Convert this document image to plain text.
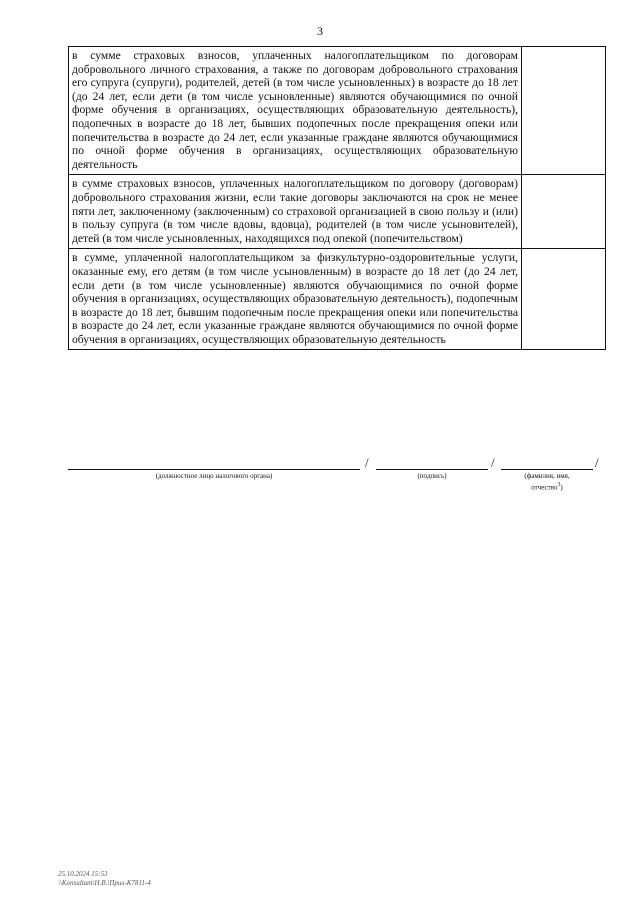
3
в сумме страховых взносов, уплаченных налогоплательщиком по договорам добровольного личного страхования, а также по договорам добровольного страхования его супруга (супруги), родителей, детей (в том числе усыновленных) в возрасте до 18 лет (до 24 лет, если дети (в том числе усыновленные) являются обучающимися по очной форме обучения в организациях, осуществляющих образовательную деятельность), подопечных в возрасте до 18 лет, бывших подопечных после прекращения опеки или попечительства в возрасте до 24 лет, если указанные граждане являются обучающимися по очной форме обучения в организациях, осуществляющих образовательную деятельность	
в сумме страховых взносов, уплаченных налогоплательщиком по договору (договорам) добровольного страхования жизни, если такие договоры заключаются на срок не менее пяти лет, заключенному (заключенным) со страховой организацией в свою пользу и (или) в пользу супруга (в том числе вдовы, вдовца), родителей (в том числе усыновителей), детей (в том числе усыновленных, находящихся под опекой (попечительством)	
в сумме, уплаченной налогоплательщиком за физкультурно-оздоровительные услуги, оказанные ему, его детям (в том числе усыновленным) в возрасте до 18 лет (до 24 лет, если дети (в том числе усыновленные) являются обучающимися по очной форме обучения в организациях, осуществляющих образовательную деятельность), подопечным в возрасте до 18 лет, бывшим подопечным после прекращения опеки или попечительства в возрасте до 24 лет, если указанные граждане являются обучающимися по очной форме обучения в организациях, осуществляющих образовательную деятельность	
/	/	/
(должностное лицо налогового органа)	(подпись)	(фамилия, имя,
отчество$^3$)
25.10.2024 15:53
\\Konsultant\Н.В.\Прил-К7811-4
